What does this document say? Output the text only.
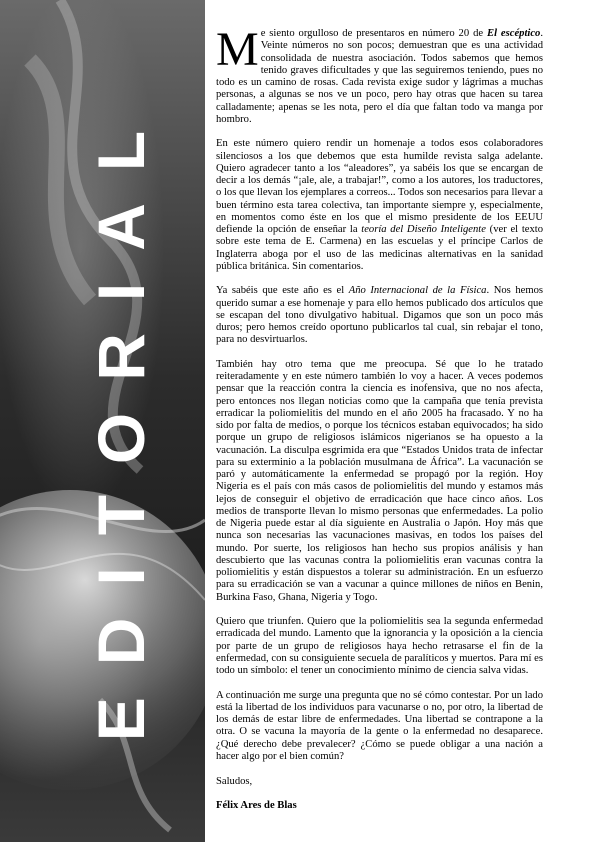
EDITORIAL

Me siento orgulloso de presentaros en número 20 de El escéptico. Veinte números no son pocos; demuestran que es una actividad consolidada de nuestra asociación. Todos sabemos que hemos tenido graves dificultades y que las seguiremos teniendo, pues no todo es un camino de rosas. Cada revista exige sudor y lágrimas a muchas personas, a algunas se nos ve un poco, pero hay otras que hacen su tarea calladamente; apenas se les nota, pero el día que faltan todo va manga por hombro.

En este número quiero rendir un homenaje a todos esos colaboradores silenciosos a los que debemos que esta humilde revista salga adelante. Quiero agradecer tanto a los “aleadores”, ya sabéis los que se encargan de decir a los demás “¡ale, ale, a trabajar!”, como a los autores, los traductores, o los que llevan los ejemplares a correos... Todos son necesarios para llevar a buen término esta tarea colectiva, tan importante siempre y, especialmente, en momentos como éste en los que el mismo presidente de los EEUU defiende la opción de enseñar la teoría del Diseño Inteligente (ver el texto sobre este tema de E. Carmena) en las escuelas y el príncipe Carlos de Inglaterra aboga por el uso de las medicinas alternativas en la sanidad pública británica. Sin comentarios.

Ya sabéis que este año es el Año Internacional de la Física. Nos hemos querido sumar a ese homenaje y para ello hemos publicado dos artículos que se escapan del tono divulgativo habitual. Digamos que son un poco más duros; pero hemos creído oportuno publicarlos tal cual, sin rebajar el tono, para no desvirtuarlos.

También hay otro tema que me preocupa. Sé que lo he tratado reiteradamente y en este número también lo voy a hacer. A veces podemos pensar que la reacción contra la ciencia es inofensiva, que no nos afecta, pero entonces nos llegan noticias como que la campaña que tenía prevista erradicar la poliomielitis del mundo en el año 2005 ha fracasado. Y no ha sido por falta de medios, o porque los técnicos estaban equivocados; ha sido porque un grupo de religiosos islámicos nigerianos se ha opuesto a la vacunación. La disculpa esgrimida era que “Estados Unidos trata de infectar para su exterminio a la población musulmana de África”. La vacunación se paró y automáticamente la enfermedad se propagó por la región. Hoy Nigeria es el país con más casos de poliomielitis del mundo y estamos más lejos de conseguir el objetivo de erradicación que hace cinco años. Los medios de transporte llevan lo mismo personas que enfermedades. La polio de Nigeria puede estar al día siguiente en Australia o Japón. Hoy más que nunca son necesarias las vacunaciones masivas, en todos los países del mundo. Por suerte, los religiosos han hecho sus propios análisis y han descubierto que las vacunas contra la poliomielitis eran vacunas contra la poliomielitis y están dispuestos a tolerar su administración. En un esfuerzo para su erradicación se van a vacunar a quince millones de niños en Benin, Burkina Faso, Ghana, Nigeria y Togo.

Quiero que triunfen. Quiero que la poliomielitis sea la segunda enfermedad erradicada del mundo. Lamento que la ignorancia y la oposición a la ciencia por parte de un grupo de religiosos haya hecho retrasarse el fin de la enfermedad, con su consiguiente secuela de paralíticos y muertos. Para mí es todo un símbolo: el tener un conocimiento mínimo de ciencia salva vidas.

A continuación me surge una pregunta que no sé cómo contestar. Por un lado está la libertad de los individuos para vacunarse o no, por otro, la libertad de los demás de estar libre de enfermedades. Una libertad se contrapone a la otra. O se vacuna la mayoría de la gente o la enfermedad no desaparece. ¿Qué derecho debe prevalecer? ¿Cómo se puede obligar a una nación a hacer algo por el bien común?

Saludos,

Félix Ares de Blas
